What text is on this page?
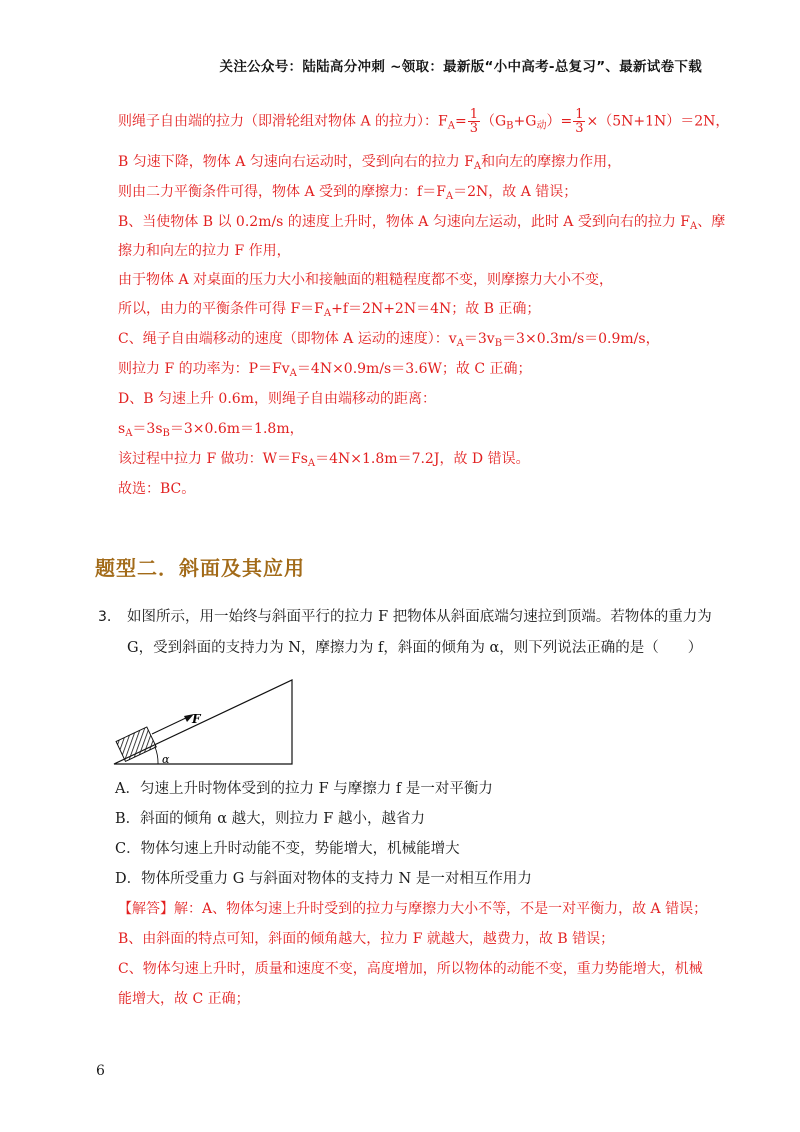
关注公众号：陆陆高分冲刺 ~领取：最新版“小中高考-总复习”、最新试卷下载
则绳子自由端的拉力（即滑轮组对物体 A 的拉力）：$F_A= \frac{1}{3} (G_B+G_动)= \frac{1}{3} \times(5N+1N)=2N$，
B 匀速下降，物体 A 匀速向右运动时，受到向右的拉力 $F_A$和向左的摩擦力作用，
则由二力平衡条件可得，物体 A 受到的摩擦力：$f=F_A=2N$，故 A 错误；
B、当使物体 B 以 0.2m/s 的速度上升时，物体 A 匀速向左运动，此时 A 受到向右的拉力 $F_A$、摩
擦力和向左的拉力 F 作用，
由于物体 A 对桌面的压力大小和接触面的粗糙程度都不变，则摩擦力大小不变，
所以，由力的平衡条件可得 $F=F_A+f=2N+2N=4N$；故 B 正确；
C、绳子自由端移动的速度（即物体 A 运动的速度）：$v_A=3v_B=3\times 0.3m/s=0.9m/s$，
则拉力 F 的功率为：$P=Fv_A=4N\times 0.9m/s=3.6W$；故 C 正确；
D、B 匀速上升 0.6m，则绳子自由端移动的距离：
$s_A=3s_B=3\times 0.6m=1.8m$，
该过程中拉力 F 做功：$W=Fs_A=4N\times 1.8m=7.2J$，故 D 错误。
故选：BC。
题型二．斜面及其应用
3. 如图所示，用一始终与斜面平行的拉力 F 把物体从斜面底端匀速拉到顶端。若物体的重力为
G，受到斜面的支持力为 N，摩擦力为 f，斜面的倾角为 α，则下列说法正确的是（　　）
F
α
A．匀速上升时物体受到的拉力 F 与摩擦力 f 是一对平衡力
B．斜面的倾角 α 越大，则拉力 F 越小，越省力
C．物体匀速上升时动能不变，势能增大，机械能增大
D．物体所受重力 G 与斜面对物体的支持力 N 是一对相互作用力
【解答】解：A、物体匀速上升时受到的拉力与摩擦力大小不等，不是一对平衡力，故 A 错误；
B、由斜面的特点可知，斜面的倾角越大，拉力 F 就越大，越费力，故 B 错误；
C、物体匀速上升时，质量和速度不变，高度增加，所以物体的动能不变，重力势能增大，机械
能增大，故 C 正确；
6
